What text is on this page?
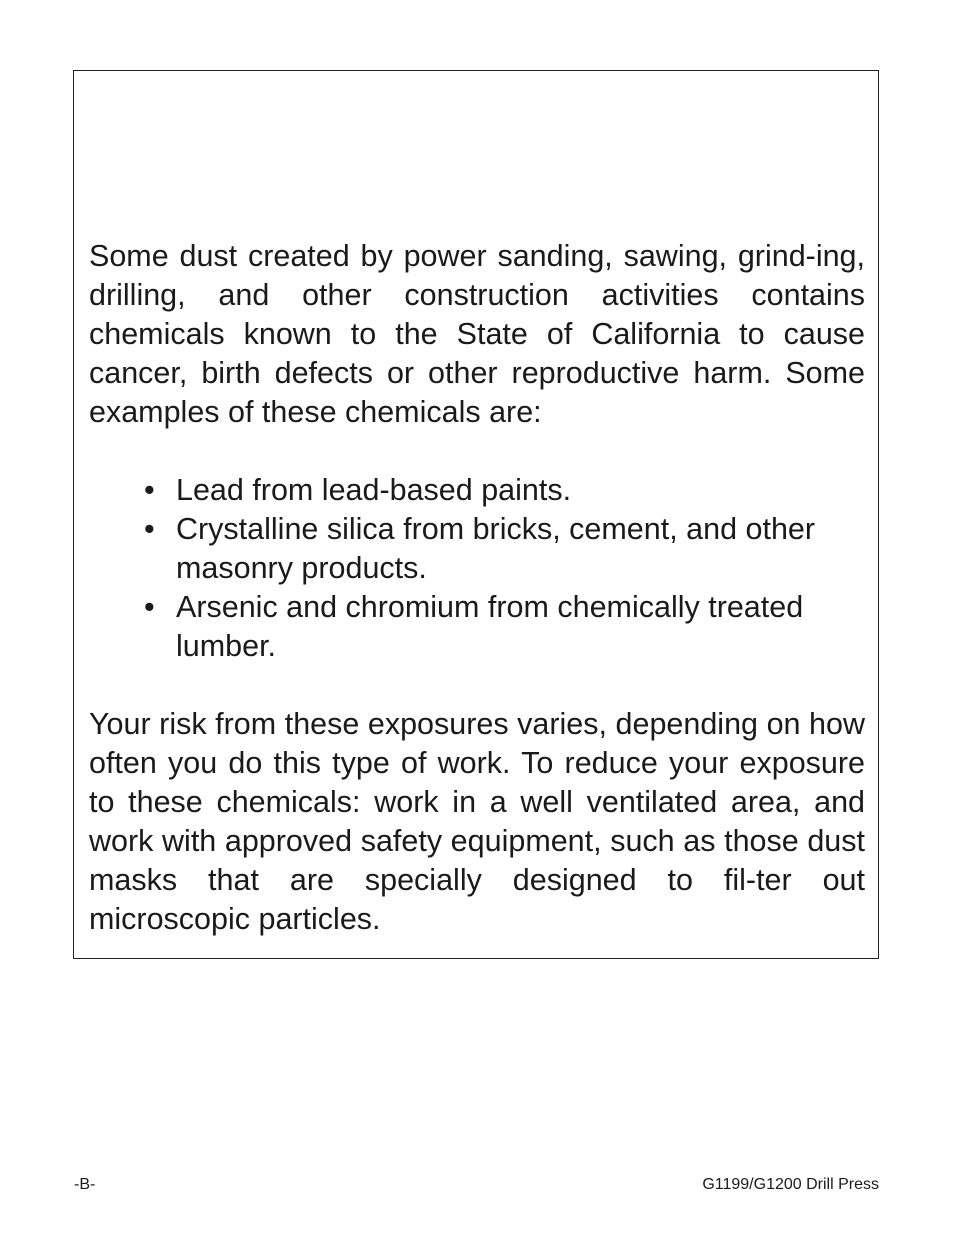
Some dust created by power sanding, sawing, grind-ing, drilling, and other construction activities contains chemicals known to the State of California to cause cancer, birth defects or other reproductive harm. Some examples of these chemicals are:

• Lead from lead-based paints.
• Crystalline silica from bricks, cement, and other masonry products.
• Arsenic and chromium from chemically treated lumber.

Your risk from these exposures varies, depending on how often you do this type of work. To reduce your exposure to these chemicals: work in a well ventilated area, and work with approved safety equipment, such as those dust masks that are specially designed to fil-ter out microscopic particles.

-B-	G1199/G1200 Drill Press
